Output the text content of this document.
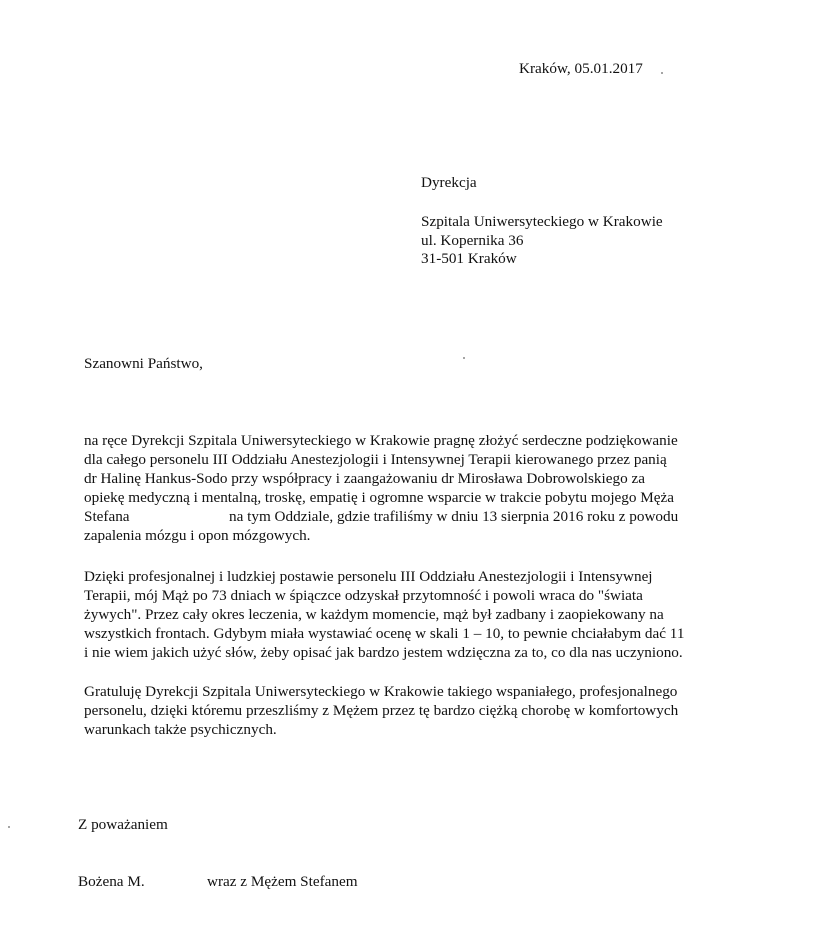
Kraków, 05.01.2017
Dyrekcja
Szpitala Uniwersyteckiego w Krakowie
ul. Kopernika 36
31-501 Kraków
Szanowni Państwo,
na ręce Dyrekcji Szpitala Uniwersyteckiego w Krakowie pragnę złożyć serdeczne podziękowanie
dla całego personelu III Oddziału Anestezjologii i Intensywnej Terapii kierowanego przez panią
dr Halinę Hankus-Sodo przy współpracy i zaangażowaniu dr Mirosława Dobrowolskiego za
opiekę medyczną i mentalną, troskę, empatię i ogromne wsparcie w trakcie pobytu mojego Męża
Stefana	na tym Oddziale, gdzie trafiliśmy w dniu 13 sierpnia 2016 roku z powodu
zapalenia mózgu i opon mózgowych.
Dzięki profesjonalnej i ludzkiej postawie personelu III Oddziału Anestezjologii i Intensywnej
Terapii, mój Mąż po 73 dniach w śpiączce odzyskał przytomność i powoli wraca do "świata
żywych". Przez cały okres leczenia, w każdym momencie, mąż był zadbany i zaopiekowany na
wszystkich frontach. Gdybym miała wystawiać ocenę w skali 1 – 10, to pewnie chciałabym dać 11
i nie wiem jakich użyć słów, żeby opisać jak bardzo jestem wdzięczna za to, co dla nas uczyniono.
Gratuluję Dyrekcji Szpitala Uniwersyteckiego w Krakowie takiego wspaniałego, profesjonalnego
personelu, dzięki któremu przeszliśmy z Mężem przez tę bardzo ciężką chorobę w komfortowych
warunkach także psychicznych.
Z poważaniem
Bożena M.	wraz z Mężem Stefanem
